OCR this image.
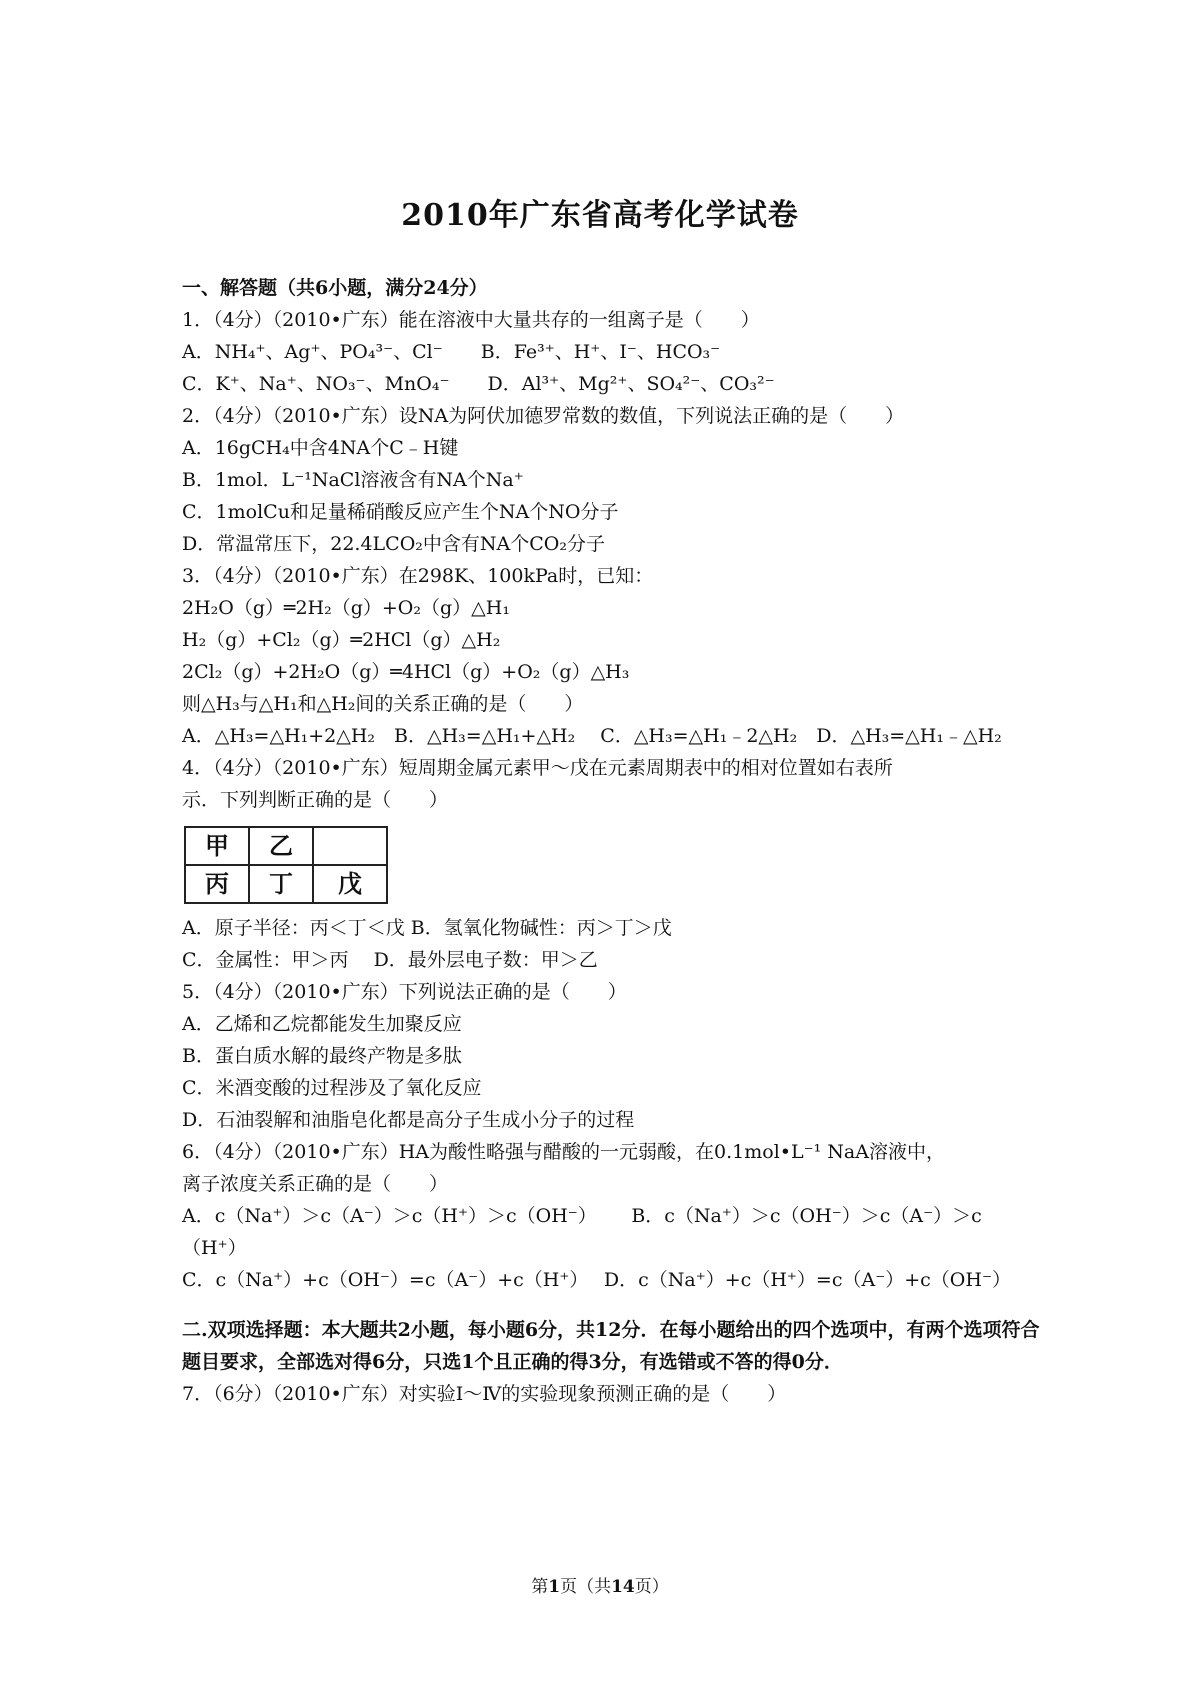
2010年广东省高考化学试卷
一、解答题（共6小题，满分24分）
1．（4分）（2010•广东）能在溶液中大量共存的一组离子是（　　）
A．NH₄⁺、Ag⁺、PO₄³⁻、Cl⁻　　B．Fe³⁺、H⁺、I⁻、HCO₃⁻
C．K⁺、Na⁺、NO₃⁻、MnO₄⁻　　D．Al³⁺、Mg²⁺、SO₄²⁻、CO₃²⁻
2．（4分）（2010•广东）设NA为阿伏加德罗常数的数值，下列说法正确的是（　　）
A．16gCH₄中含4NA个C﹣H键
B．1mol．L⁻¹NaCl溶液含有NA个Na⁺
C．1molCu和足量稀硝酸反应产生个NA个NO分子
D．常温常压下，22.4LCO₂中含有NA个CO₂分子
3．（4分）（2010•广东）在298K、100kPa时，已知：
2H₂O（g）═2H₂（g）+O₂（g）△H₁
H₂（g）+Cl₂（g）═2HCl（g）△H₂
2Cl₂（g）+2H₂O（g）═4HCl（g）+O₂（g）△H₃
则△H₃与△H₁和△H₂间的关系正确的是（　　）
A．△H₃=△H₁+2△H₂　B．△H₃=△H₁+△H₂　 C．△H₃=△H₁﹣2△H₂　D．△H₃=△H₁﹣△H₂
4．（4分）（2010•广东）短周期金属元素甲～戊在元素周期表中的相对位置如右表所
示．下列判断正确的是（　　）
甲	乙	
丙	丁	戊
A．原子半径：丙＜丁＜戊 B．氢氧化物碱性：丙＞丁＞戊
C．金属性：甲＞丙　 D．最外层电子数：甲＞乙
5．（4分）（2010•广东）下列说法正确的是（　　）
A．乙烯和乙烷都能发生加聚反应
B．蛋白质水解的最终产物是多肽
C．米酒变酸的过程涉及了氧化反应
D．石油裂解和油脂皂化都是高分子生成小分子的过程
6．（4分）（2010•广东）HA为酸性略强与醋酸的一元弱酸，在0.1mol•L⁻¹ NaA溶液中，
离子浓度关系正确的是（　　）
A．c（Na⁺）＞c（A⁻）＞c（H⁺）＞c（OH⁻）　　 B．c（Na⁺）＞c（OH⁻）＞c（A⁻）＞c
（H⁺）
C．c（Na⁺）+c（OH⁻）=c（A⁻）+c（H⁺）　 D．c（Na⁺）+c（H⁺）=c（A⁻）+c（OH⁻）
二.双项选择题：本大题共2小题，每小题6分，共12分．在每小题给出的四个选项中，有两个选项符合题目要求，全部选对得6分，只选1个且正确的得3分，有选错或不答的得0分．
7．（6分）（2010•广东）对实验Ⅰ～Ⅳ的实验现象预测正确的是（　　）
第1页（共14页）
